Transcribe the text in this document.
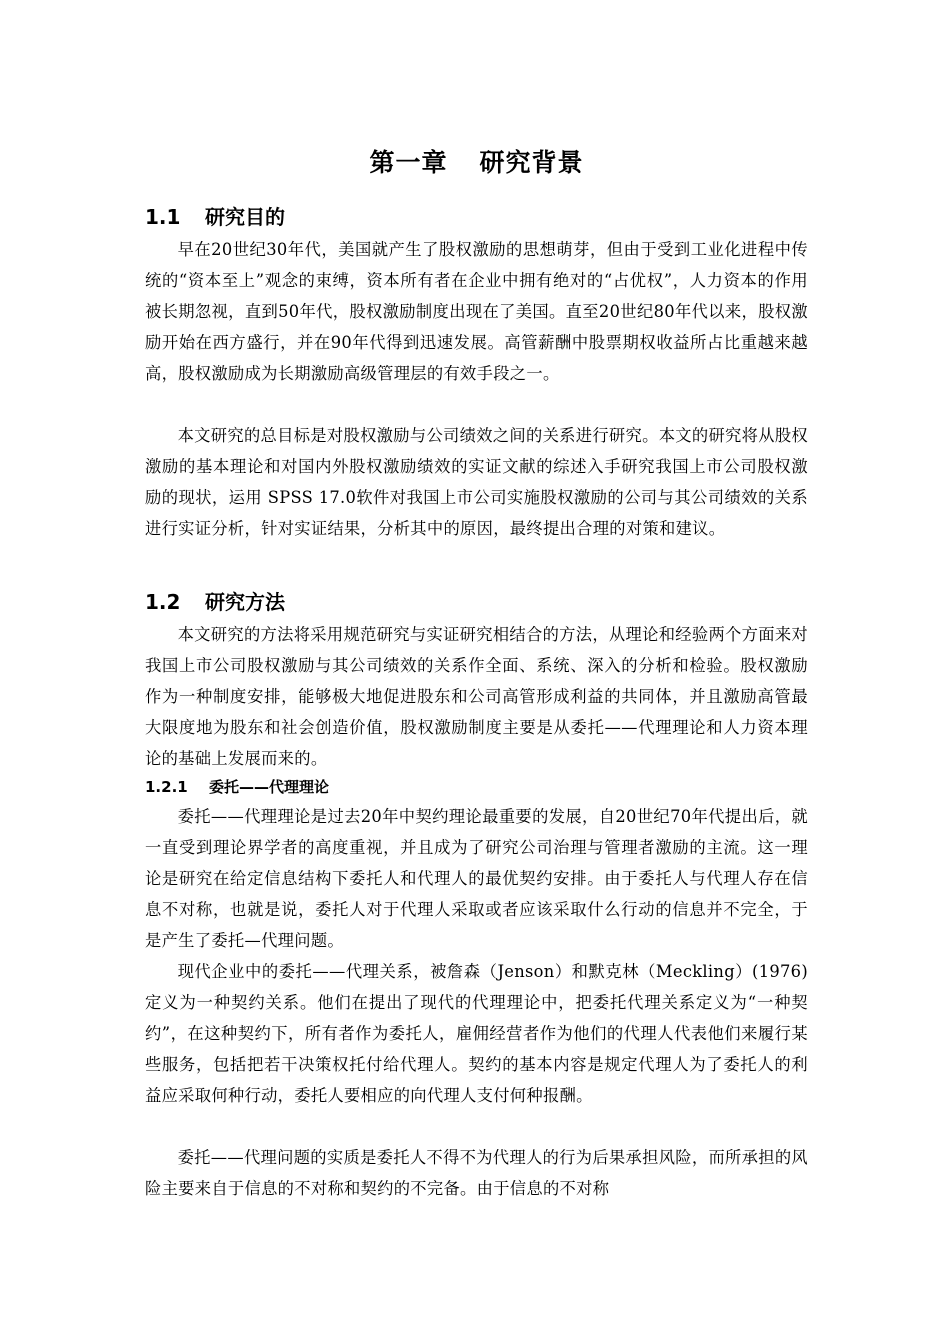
第一章 研究背景
1.1 研究目的

早在20世纪30年代，美国就产生了股权激励的思想萌芽，但由于受到工业化进程中传统的“资本至上”观念的束缚，资本所有者在企业中拥有绝对的“占优权”，人力资本的作用被长期忽视，直到50年代，股权激励制度出现在了美国。直至20世纪80年代以来，股权激励开始在西方盛行，并在90年代得到迅速发展。高管薪酬中股票期权收益所占比重越来越高，股权激励成为长期激励高级管理层的有效手段之一。

本文研究的总目标是对股权激励与公司绩效之间的关系进行研究。本文的研究将从股权激励的基本理论和对国内外股权激励绩效的实证文献的综述入手研究我国上市公司股权激励的现状，运用 SPSS 17.0软件对我国上市公司实施股权激励的公司与其公司绩效的关系进行实证分析，针对实证结果，分析其中的原因，最终提出合理的对策和建议。

1.2 研究方法

本文研究的方法将采用规范研究与实证研究相结合的方法，从理论和经验两个方面来对我国上市公司股权激励与其公司绩效的关系作全面、系统、深入的分析和检验。股权激励作为一种制度安排，能够极大地促进股东和公司高管形成利益的共同体，并且激励高管最大限度地为股东和社会创造价值，股权激励制度主要是从委托——代理理论和人力资本理论的基础上发展而来的。

1.2.1 委托——代理理论

委托——代理理论是过去20年中契约理论最重要的发展，自20世纪70年代提出后，就一直受到理论界学者的高度重视，并且成为了研究公司治理与管理者激励的主流。这一理论是研究在给定信息结构下委托人和代理人的最优契约安排。由于委托人与代理人存在信息不对称，也就是说，委托人对于代理人采取或者应该采取什么行动的信息并不完全，于是产生了委托—代理问题。

现代企业中的委托——代理关系，被詹森（Jenson）和默克林（Meckling）(1976)定义为一种契约关系。他们在提出了现代的代理理论中，把委托代理关系定义为“一种契约”，在这种契约下，所有者作为委托人，雇佣经营者作为他们的代理人代表他们来履行某些服务，包括把若干决策权托付给代理人。契约的基本内容是规定代理人为了委托人的利益应采取何种行动，委托人要相应的向代理人支付何种报酬。

委托——代理问题的实质是委托人不得不为代理人的行为后果承担风险，而所承担的风险主要来自于信息的不对称和契约的不完备。由于信息的不对称
